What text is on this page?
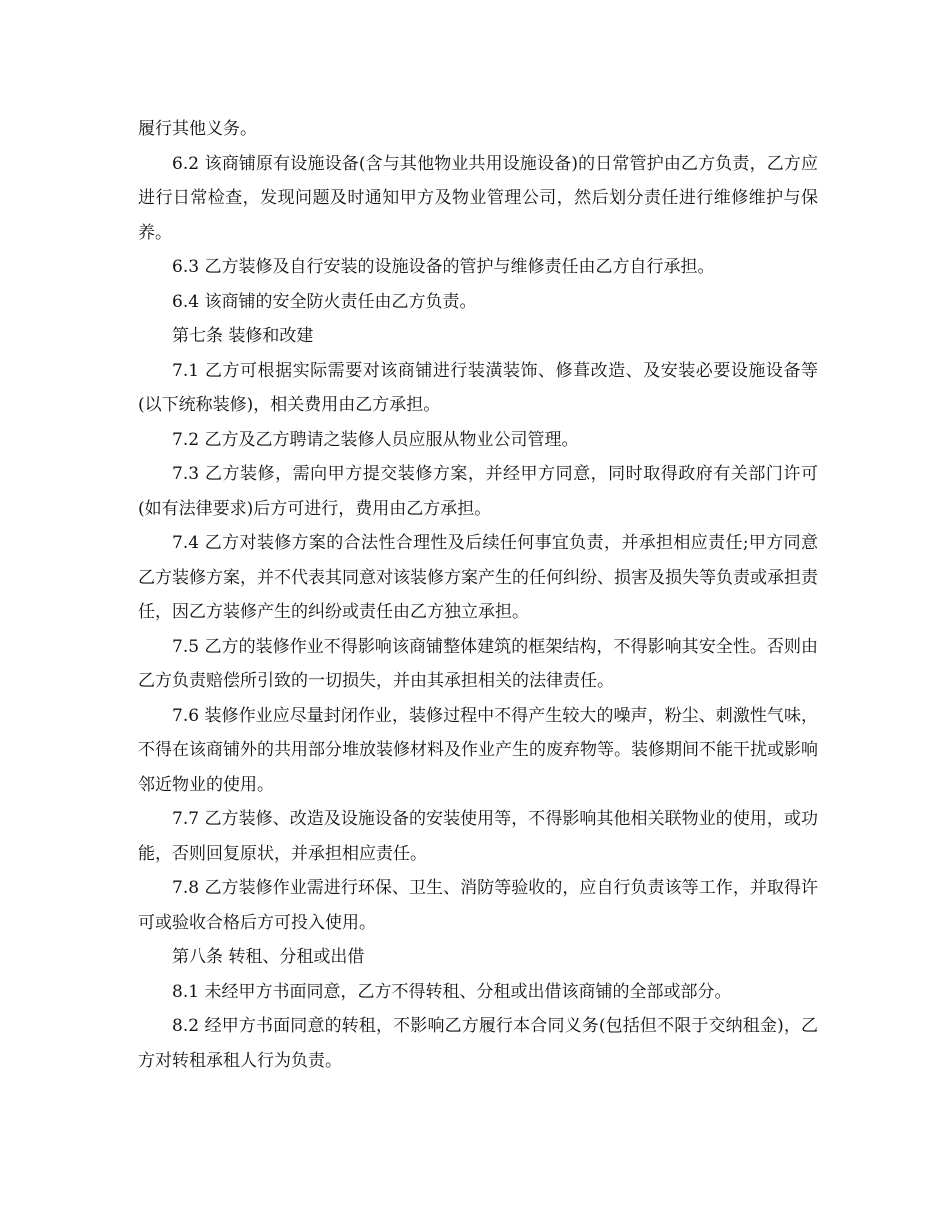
履行其他义务。

6.2 该商铺原有设施设备(含与其他物业共用设施设备)的日常管护由乙方负责，乙方应进行日常检查，发现问题及时通知甲方及物业管理公司，然后划分责任进行维修维护与保养。

6.3 乙方装修及自行安装的设施设备的管护与维修责任由乙方自行承担。

6.4 该商铺的安全防火责任由乙方负责。

第七条 装修和改建

7.1 乙方可根据实际需要对该商铺进行装潢装饰、修葺改造、及安装必要设施设备等(以下统称装修)，相关费用由乙方承担。

7.2 乙方及乙方聘请之装修人员应服从物业公司管理。

7.3 乙方装修，需向甲方提交装修方案，并经甲方同意，同时取得政府有关部门许可(如有法律要求)后方可进行，费用由乙方承担。

7.4 乙方对装修方案的合法性合理性及后续任何事宜负责，并承担相应责任;甲方同意乙方装修方案，并不代表其同意对该装修方案产生的任何纠纷、损害及损失等负责或承担责任，因乙方装修产生的纠纷或责任由乙方独立承担。

7.5 乙方的装修作业不得影响该商铺整体建筑的框架结构，不得影响其安全性。否则由乙方负责赔偿所引致的一切损失，并由其承担相关的法律责任。

7.6 装修作业应尽量封闭作业，装修过程中不得产生较大的噪声，粉尘、刺激性气味，不得在该商铺外的共用部分堆放装修材料及作业产生的废弃物等。装修期间不能干扰或影响邻近物业的使用。

7.7 乙方装修、改造及设施设备的安装使用等，不得影响其他相关联物业的使用，或功能，否则回复原状，并承担相应责任。

7.8 乙方装修作业需进行环保、卫生、消防等验收的，应自行负责该等工作，并取得许可或验收合格后方可投入使用。

第八条 转租、分租或出借

8.1 未经甲方书面同意，乙方不得转租、分租或出借该商铺的全部或部分。

8.2 经甲方书面同意的转租，不影响乙方履行本合同义务(包括但不限于交纳租金)，乙方对转租承租人行为负责。
